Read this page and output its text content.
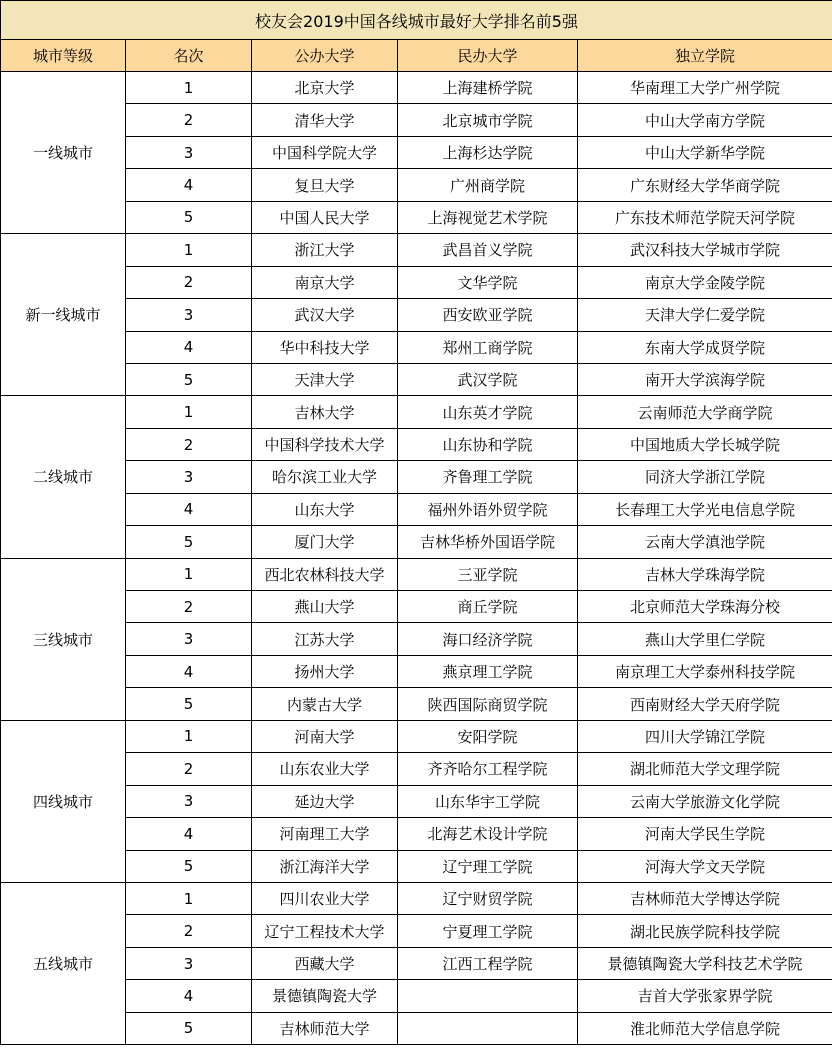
校友会2019中国各线城市最好大学排名前5强				
城市等级	名次	公办大学	民办大学	独立学院
一线城市	1	北京大学	上海建桥学院	华南理工大学广州学院
	2	清华大学	北京城市学院	中山大学南方学院
	3	中国科学院大学	上海杉达学院	中山大学新华学院
	4	复旦大学	广州商学院	广东财经大学华商学院
	5	中国人民大学	上海视觉艺术学院	广东技术师范学院天河学院
新一线城市	1	浙江大学	武昌首义学院	武汉科技大学城市学院
	2	南京大学	文华学院	南京大学金陵学院
	3	武汉大学	西安欧亚学院	天津大学仁爱学院
	4	华中科技大学	郑州工商学院	东南大学成贤学院
	5	天津大学	武汉学院	南开大学滨海学院
二线城市	1	吉林大学	山东英才学院	云南师范大学商学院
	2	中国科学技术大学	山东协和学院	中国地质大学长城学院
	3	哈尔滨工业大学	齐鲁理工学院	同济大学浙江学院
	4	山东大学	福州外语外贸学院	长春理工大学光电信息学院
	5	厦门大学	吉林华桥外国语学院	云南大学滇池学院
三线城市	1	西北农林科技大学	三亚学院	吉林大学珠海学院
	2	燕山大学	商丘学院	北京师范大学珠海分校
	3	江苏大学	海口经济学院	燕山大学里仁学院
	4	扬州大学	燕京理工学院	南京理工大学泰州科技学院
	5	内蒙古大学	陕西国际商贸学院	西南财经大学天府学院
四线城市	1	河南大学	安阳学院	四川大学锦江学院
	2	山东农业大学	齐齐哈尔工程学院	湖北师范大学文理学院
	3	延边大学	山东华宇工学院	云南大学旅游文化学院
	4	河南理工大学	北海艺术设计学院	河南大学民生学院
	5	浙江海洋大学	辽宁理工学院	河海大学文天学院
五线城市	1	四川农业大学	辽宁财贸学院	吉林师范大学博达学院
	2	辽宁工程技术大学	宁夏理工学院	湖北民族学院科技学院
	3	西藏大学	江西工程学院	景德镇陶瓷大学科技艺术学院
	4	景德镇陶瓷大学		吉首大学张家界学院
	5	吉林师范大学		淮北师范大学信息学院
